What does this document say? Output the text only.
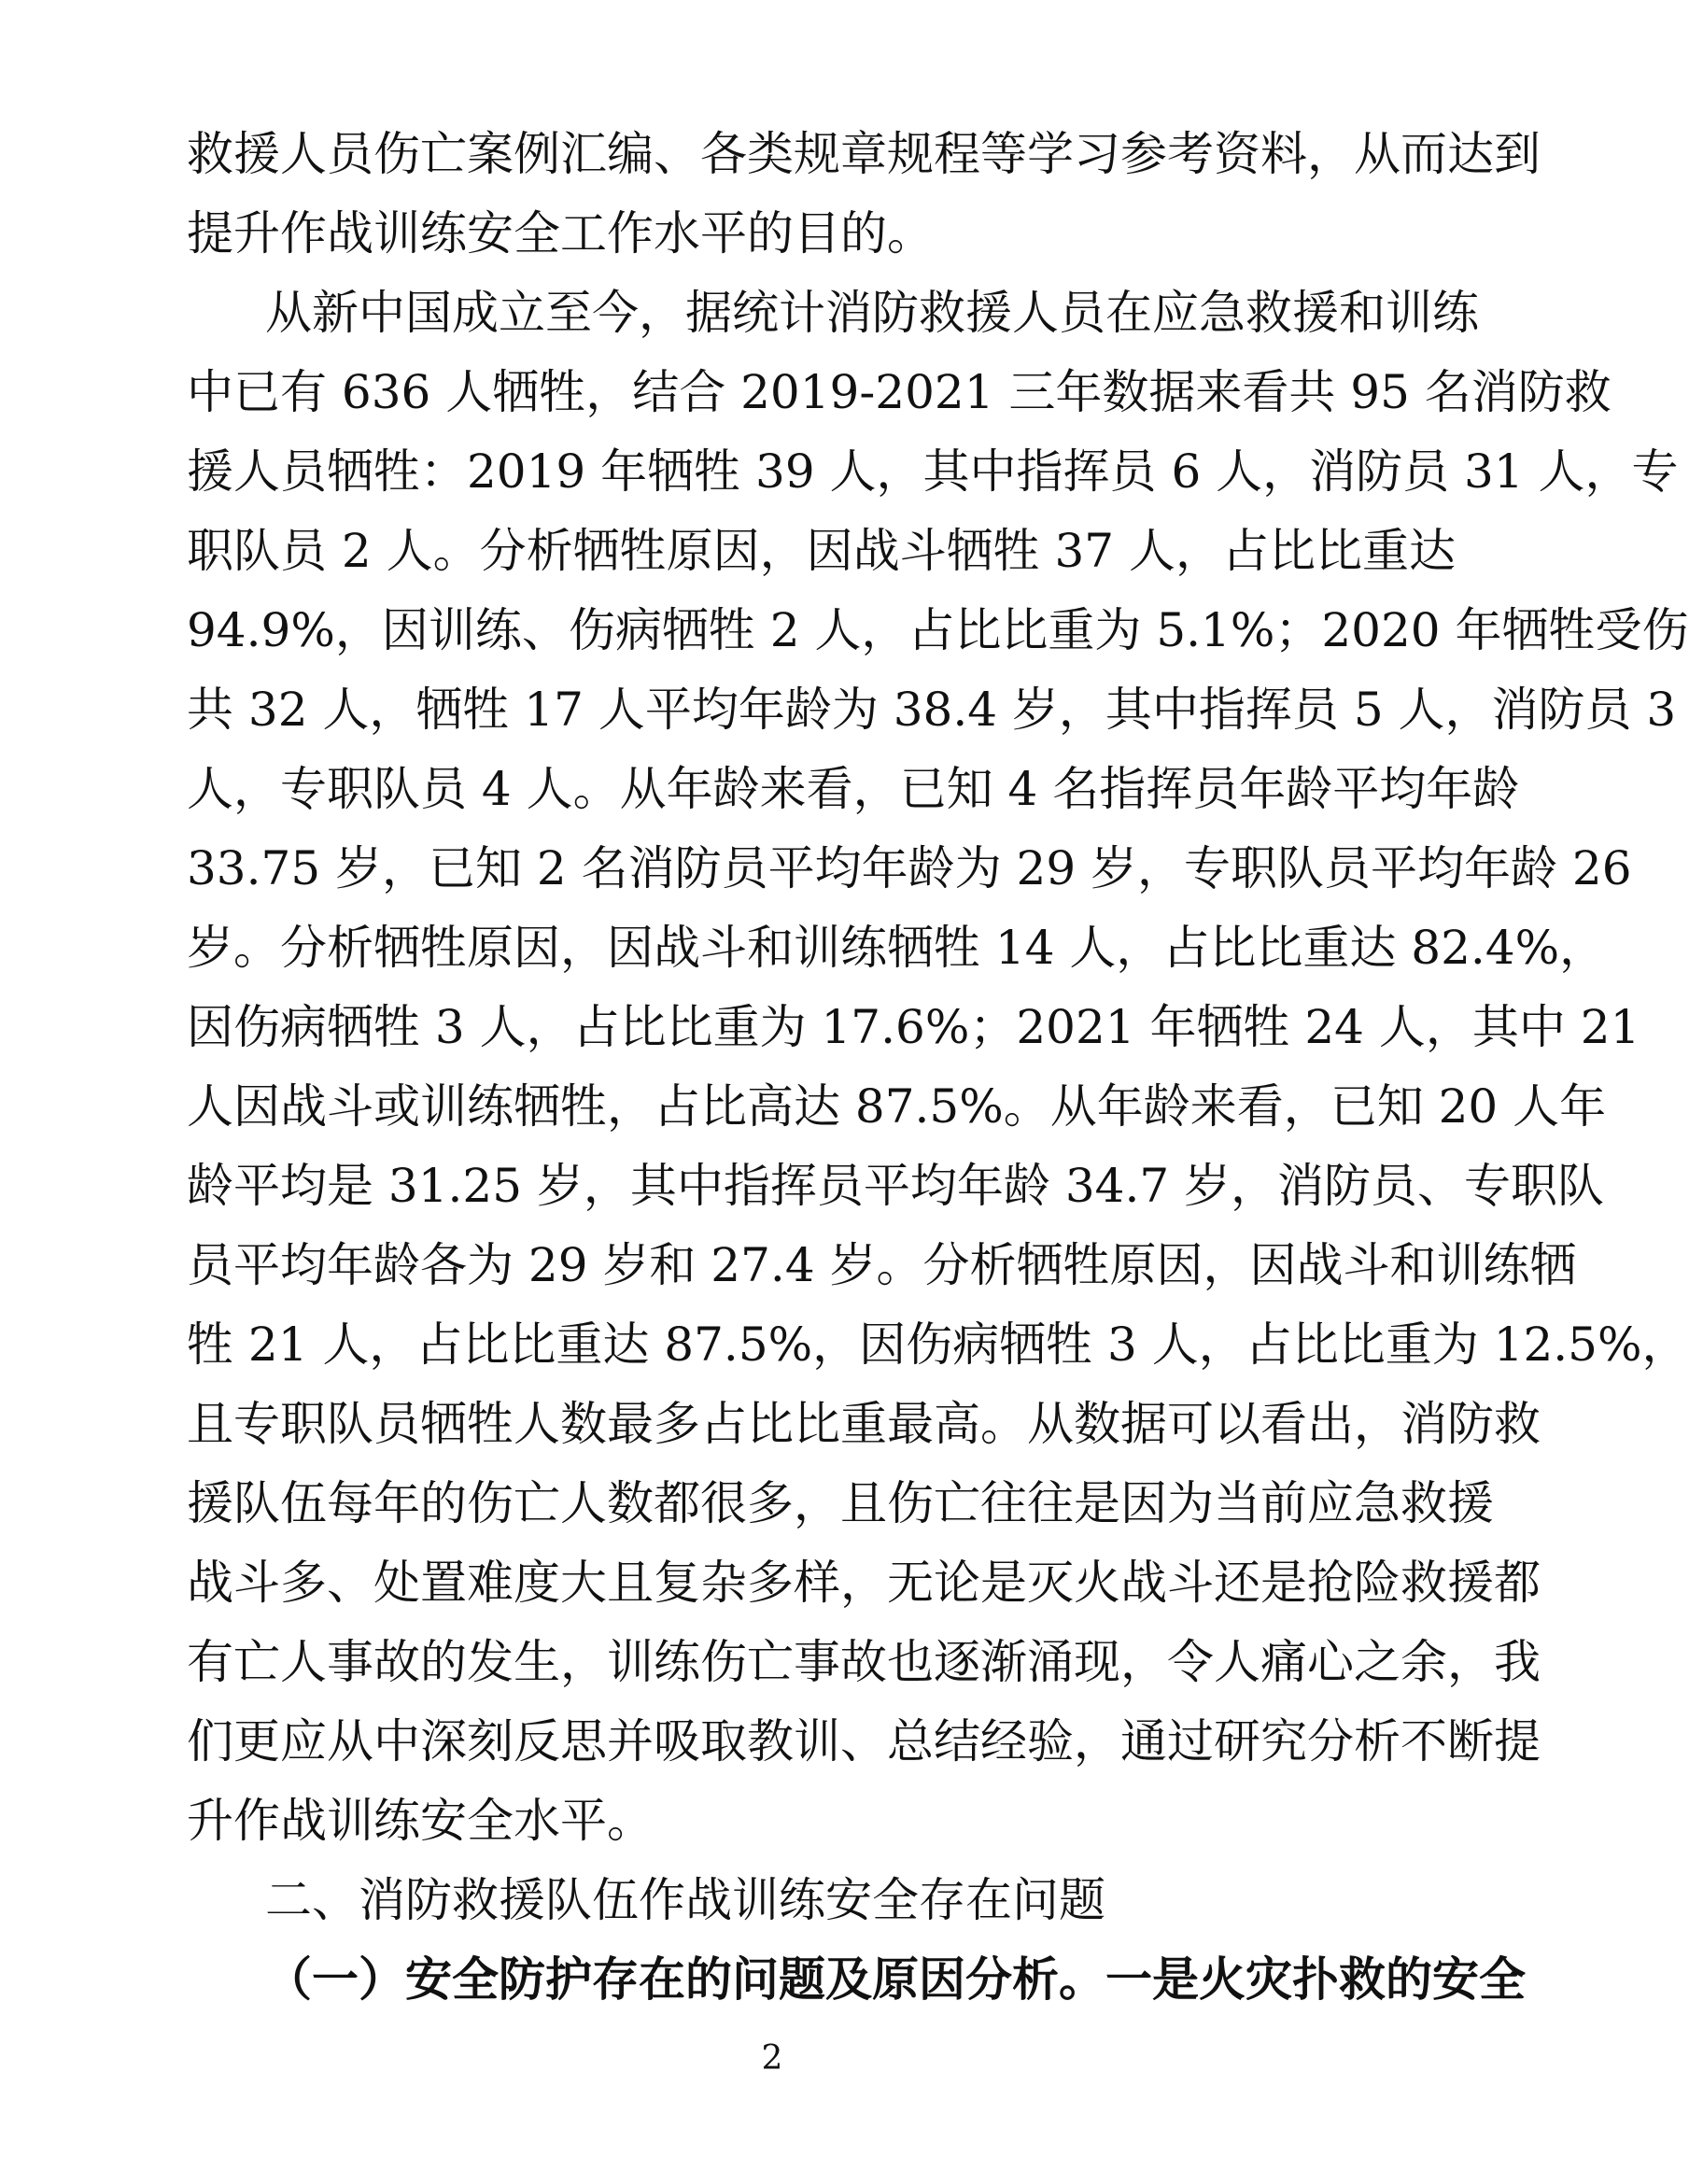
救援人员伤亡案例汇编、各类规章规程等学习参考资料，从而达到
提升作战训练安全工作水平的目的。
从新中国成立至今，据统计消防救援人员在应急救援和训练
中已有 636 人牺牲，结合 2019-2021 三年数据来看共 95 名消防救
援人员牺牲：2019 年牺牲 39 人，其中指挥员 6 人，消防员 31 人，专
职队员 2 人。分析牺牲原因，因战斗牺牲 37 人，占比比重达
94.9%，因训练、伤病牺牲 2 人，占比比重为 5.1%；2020 年牺牲受伤
共 32 人，牺牲 17 人平均年龄为 38.4 岁，其中指挥员 5 人，消防员 3
人，专职队员 4 人。从年龄来看，已知 4 名指挥员年龄平均年龄
33.75 岁，已知 2 名消防员平均年龄为 29 岁，专职队员平均年龄 26
岁。分析牺牲原因，因战斗和训练牺牲 14 人，占比比重达 82.4%，
因伤病牺牲 3 人，占比比重为 17.6%；2021 年牺牲 24 人，其中 21
人因战斗或训练牺牲，占比高达 87.5%。从年龄来看，已知 20 人年
龄平均是 31.25 岁，其中指挥员平均年龄 34.7 岁，消防员、专职队
员平均年龄各为 29 岁和 27.4 岁。分析牺牲原因，因战斗和训练牺
牲 21 人，占比比重达 87.5%，因伤病牺牲 3 人，占比比重为 12.5%，
且专职队员牺牲人数最多占比比重最高。从数据可以看出，消防救
援队伍每年的伤亡人数都很多，且伤亡往往是因为当前应急救援
战斗多、处置难度大且复杂多样，无论是灭火战斗还是抢险救援都
有亡人事故的发生，训练伤亡事故也逐渐涌现，令人痛心之余，我
们更应从中深刻反思并吸取教训、总结经验，通过研究分析不断提
升作战训练安全水平。
二、消防救援队伍作战训练安全存在问题
（一）安全防护存在的问题及原因分析。一是火灾扑救的安全
2
